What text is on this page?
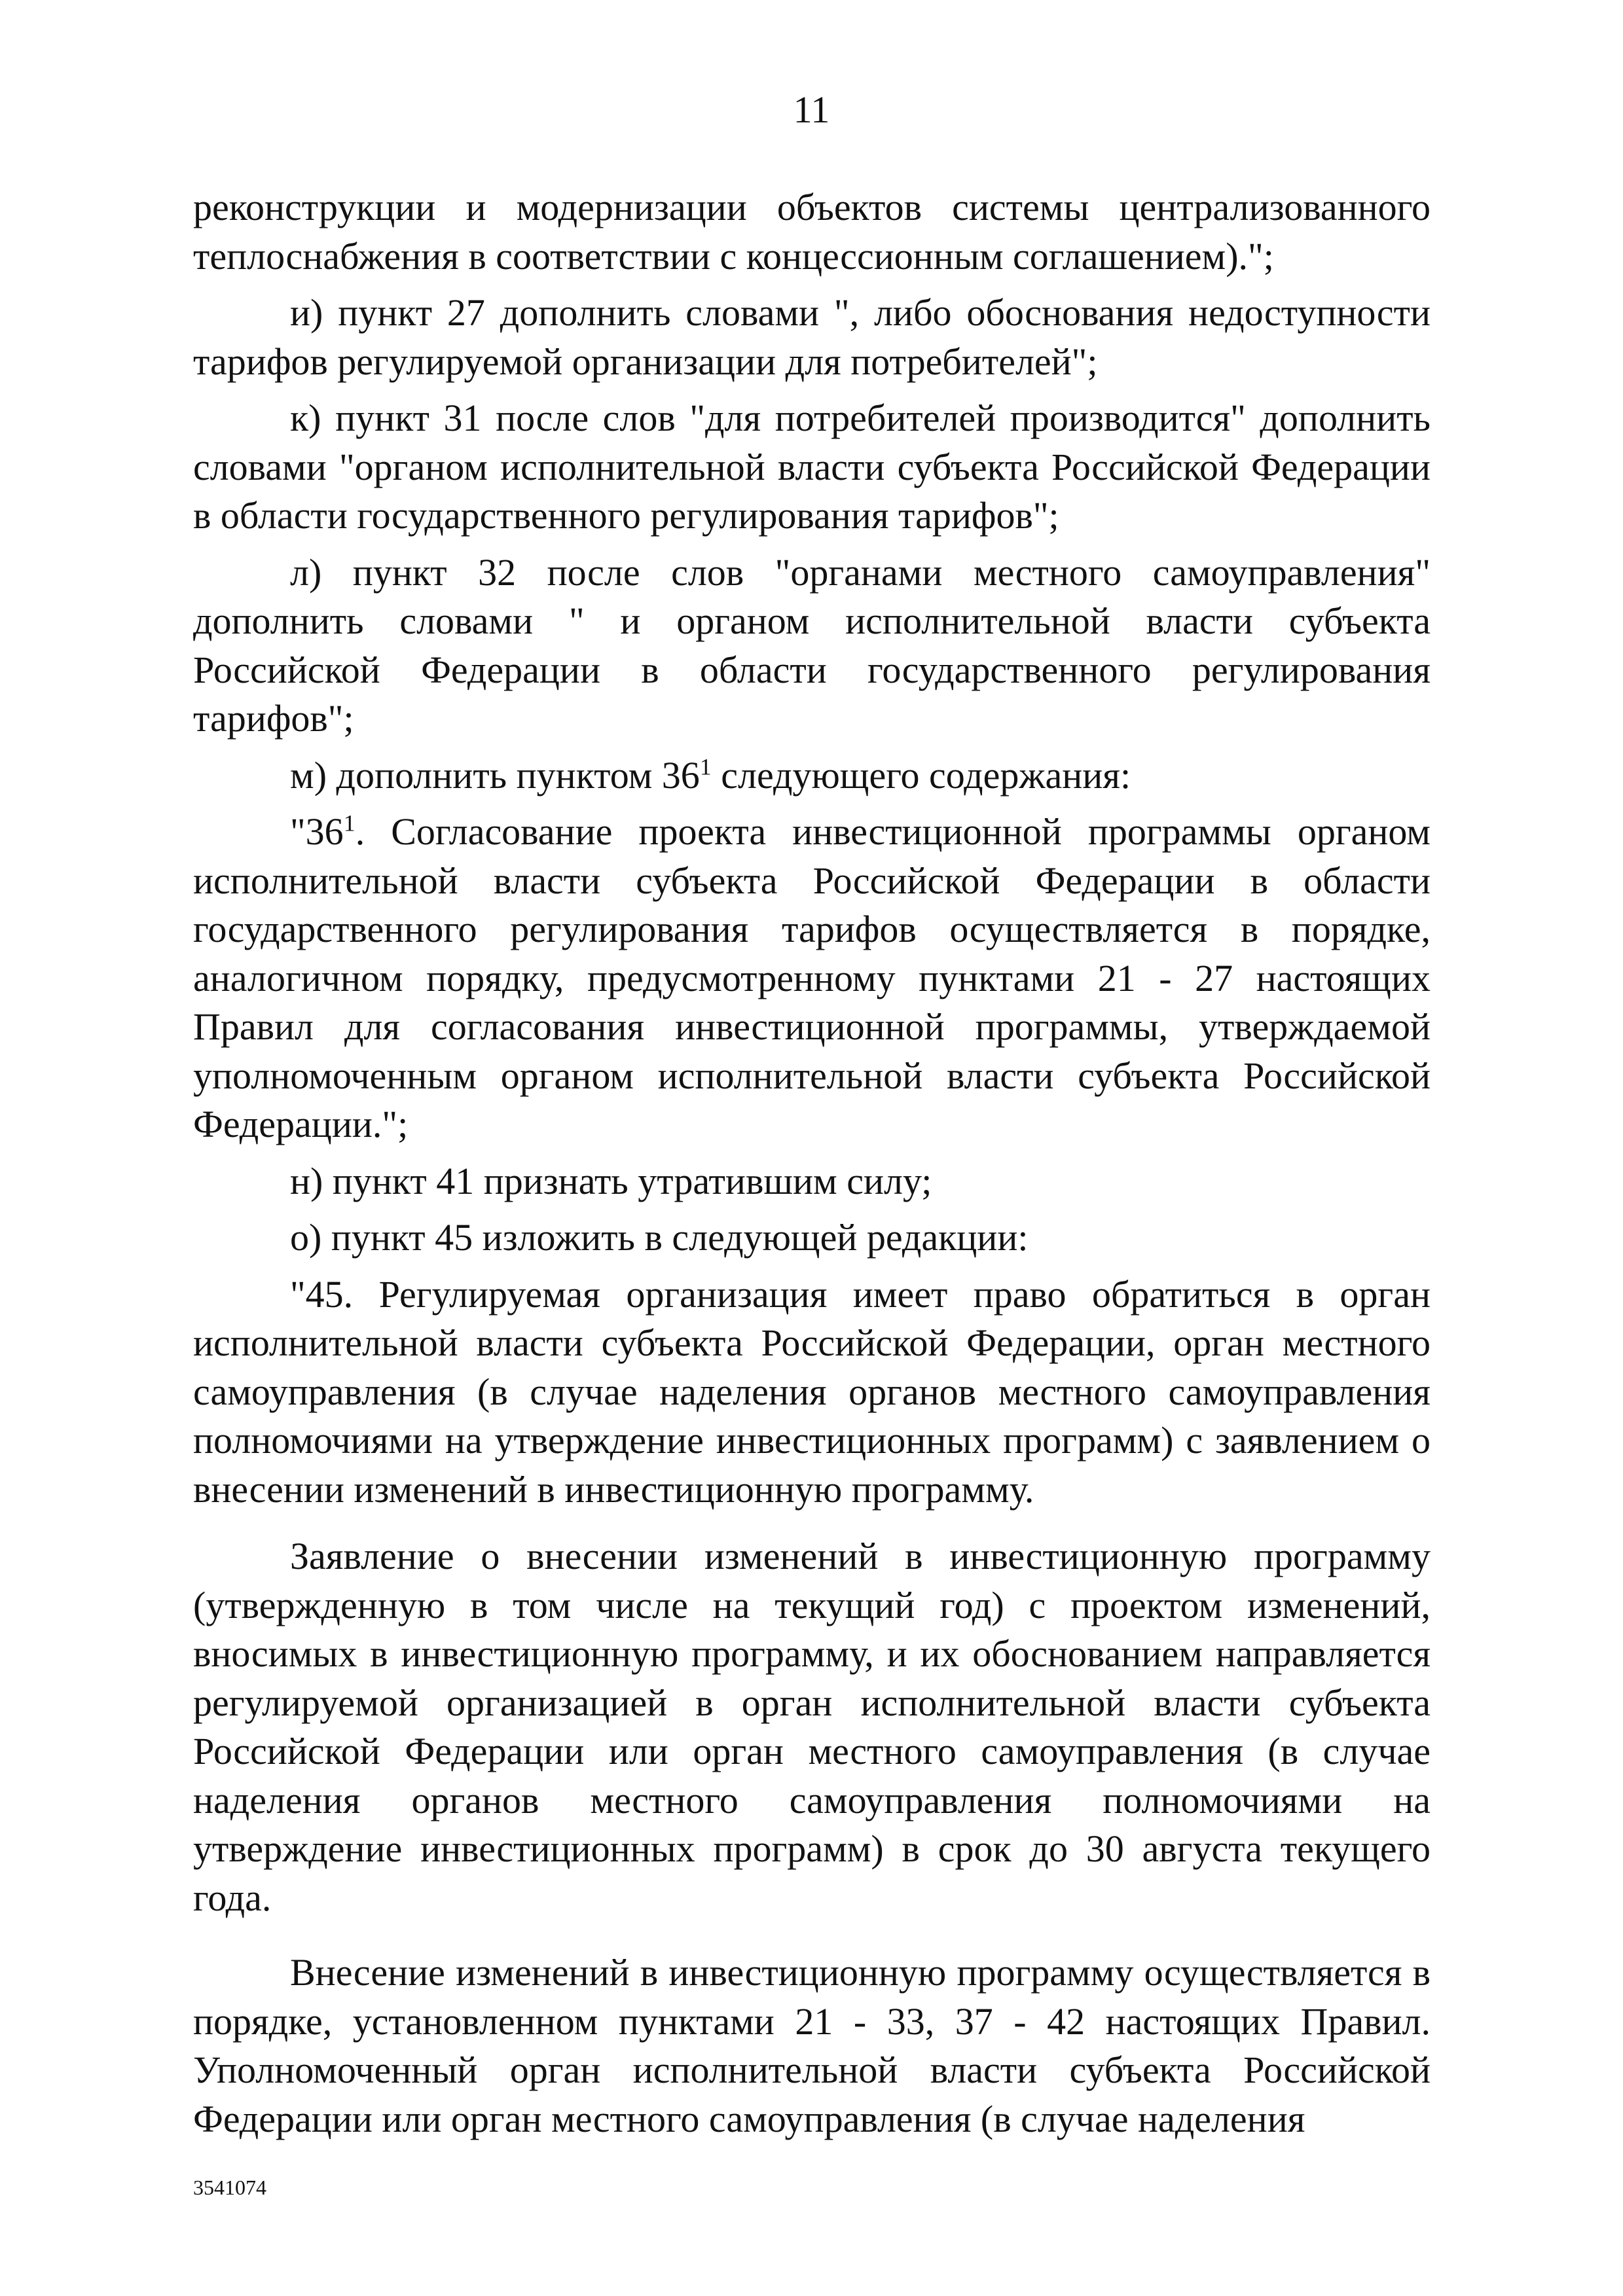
11

реконструкции и модернизации объектов системы централизованного теплоснабжения в соответствии с концессионным соглашением).";

и) пункт 27 дополнить словами ", либо обоснования недоступности тарифов регулируемой организации для потребителей";

к) пункт 31 после слов "для потребителей производится" дополнить словами "органом исполнительной власти субъекта Российской Федерации в области государственного регулирования тарифов";

л) пункт 32 после слов "органами местного самоуправления" дополнить словами " и органом исполнительной власти субъекта Российской Федерации в области государственного регулирования тарифов";

м) дополнить пунктом $36^1$ следующего содержания:

"$36^1$. Согласование проекта инвестиционной программы органом исполнительной власти субъекта Российской Федерации в области государственного регулирования тарифов осуществляется в порядке, аналогичном порядку, предусмотренному пунктами 21 - 27 настоящих Правил для согласования инвестиционной программы, утверждаемой уполномоченным органом исполнительной власти субъекта Российской Федерации.";

н) пункт 41 признать утратившим силу;

о) пункт 45 изложить в следующей редакции:

"45. Регулируемая организация имеет право обратиться в орган исполнительной власти субъекта Российской Федерации, орган местного самоуправления (в случае наделения органов местного самоуправления полномочиями на утверждение инвестиционных программ) с заявлением о внесении изменений в инвестиционную программу.

Заявление о внесении изменений в инвестиционную программу (утвержденную в том числе на текущий год) с проектом изменений, вносимых в инвестиционную программу, и их обоснованием направляется регулируемой организацией в орган исполнительной власти субъекта Российской Федерации или орган местного самоуправления (в случае наделения органов местного самоуправления полномочиями на утверждение инвестиционных программ) в срок до 30 августа текущего года.

Внесение изменений в инвестиционную программу осуществляется в порядке, установленном пунктами 21 - 33, 37 - 42 настоящих Правил. Уполномоченный орган исполнительной власти субъекта Российской Федерации или орган местного самоуправления (в случае наделения

3541074
